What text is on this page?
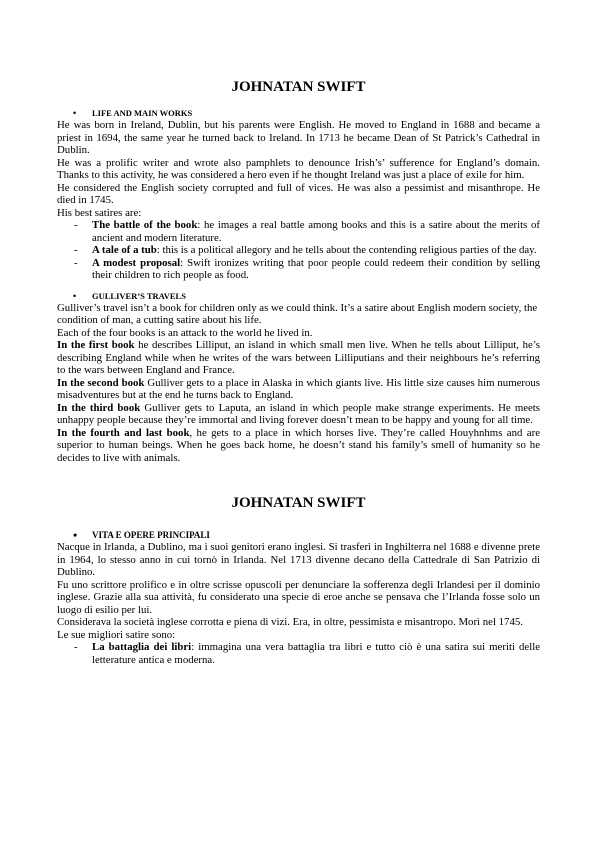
JOHNATAN SWIFT
• LIFE AND MAIN WORKS

He was born in Ireland, Dublin, but his parents were English. He moved to England in 1688 and became a priest in 1694, the same year he turned back to Ireland. In 1713 he became Dean of St Patrick’s Cathedral in Dublin.

He was a prolific writer and wrote also pamphlets to denounce Irish’s’ sufference for England’s domain. Thanks to this activity, he was considered a hero even if he thought Ireland was just a place of exile for him.

He considered the English society corrupted and full of vices. He was also a pessimist and misanthrope. He died in 1745.

His best satires are:

- The battle of the book: he images a real battle among books and this is a satire about the merits of ancient and modern literature.
- A tale of a tub: this is a political allegory and he tells about the contending religious parties of the day.
- A modest proposal: Swift ironizes writing that poor people could redeem their condition by selling their children to rich people as food.
• GULLIVER’S TRAVELS

Gulliver’s travel isn’t a book for children only as we could think. It’s a satire about English modern society, the condition of man, a cutting satire about his life.

Each of the four books is an attack to the world he lived in.

In the first book he describes Lilliput, an island in which small men live. When he tells about Lilliput, he’s describing England while when he writes of the wars between Lilliputians and their neighbours he’s referring to the wars between England and France.

In the second book Gulliver gets to a place in Alaska in which giants live. His little size causes him numerous misadventures but at the end he turns back to England.

In the third book Gulliver gets to Laputa, an island in which people make strange experiments. He meets unhappy people because they’re immortal and living forever doesn’t mean to be happy and young for all time.

In the fourth and last book, he gets to a place in which horses live. They’re called Houyhnhms and are superior to human beings. When he goes back home, he doesn’t stand his family’s smell of humanity so he decides to live with animals.

JOHNATAN SWIFT
• VITA E OPERE PRINCIPALI

Nacque in Irlanda, a Dublino, ma i suoi genitori erano inglesi. Si trasferì in Inghilterra nel 1688 e divenne prete in 1964, lo stesso anno in cui tornò in Irlanda. Nel 1713 divenne decano della Cattedrale di San Patrizio di Dublino.

Fu uno scrittore prolifico e in oltre scrisse opuscoli per denunciare la sofferenza degli Irlandesi per il dominio inglese. Grazie alla sua attività, fu considerato una specie di eroe anche se pensava che l’Irlanda fosse solo un luogo di esilio per lui.

Considerava la società inglese corrotta e piena di vizi. Era, in oltre, pessimista e misantropo. Morì nel 1745.

Le sue migliori satire sono:

- La battaglia dei libri: immagina una vera battaglia tra libri e tutto ciò è una satira sui meriti delle letterature antica e moderna.
